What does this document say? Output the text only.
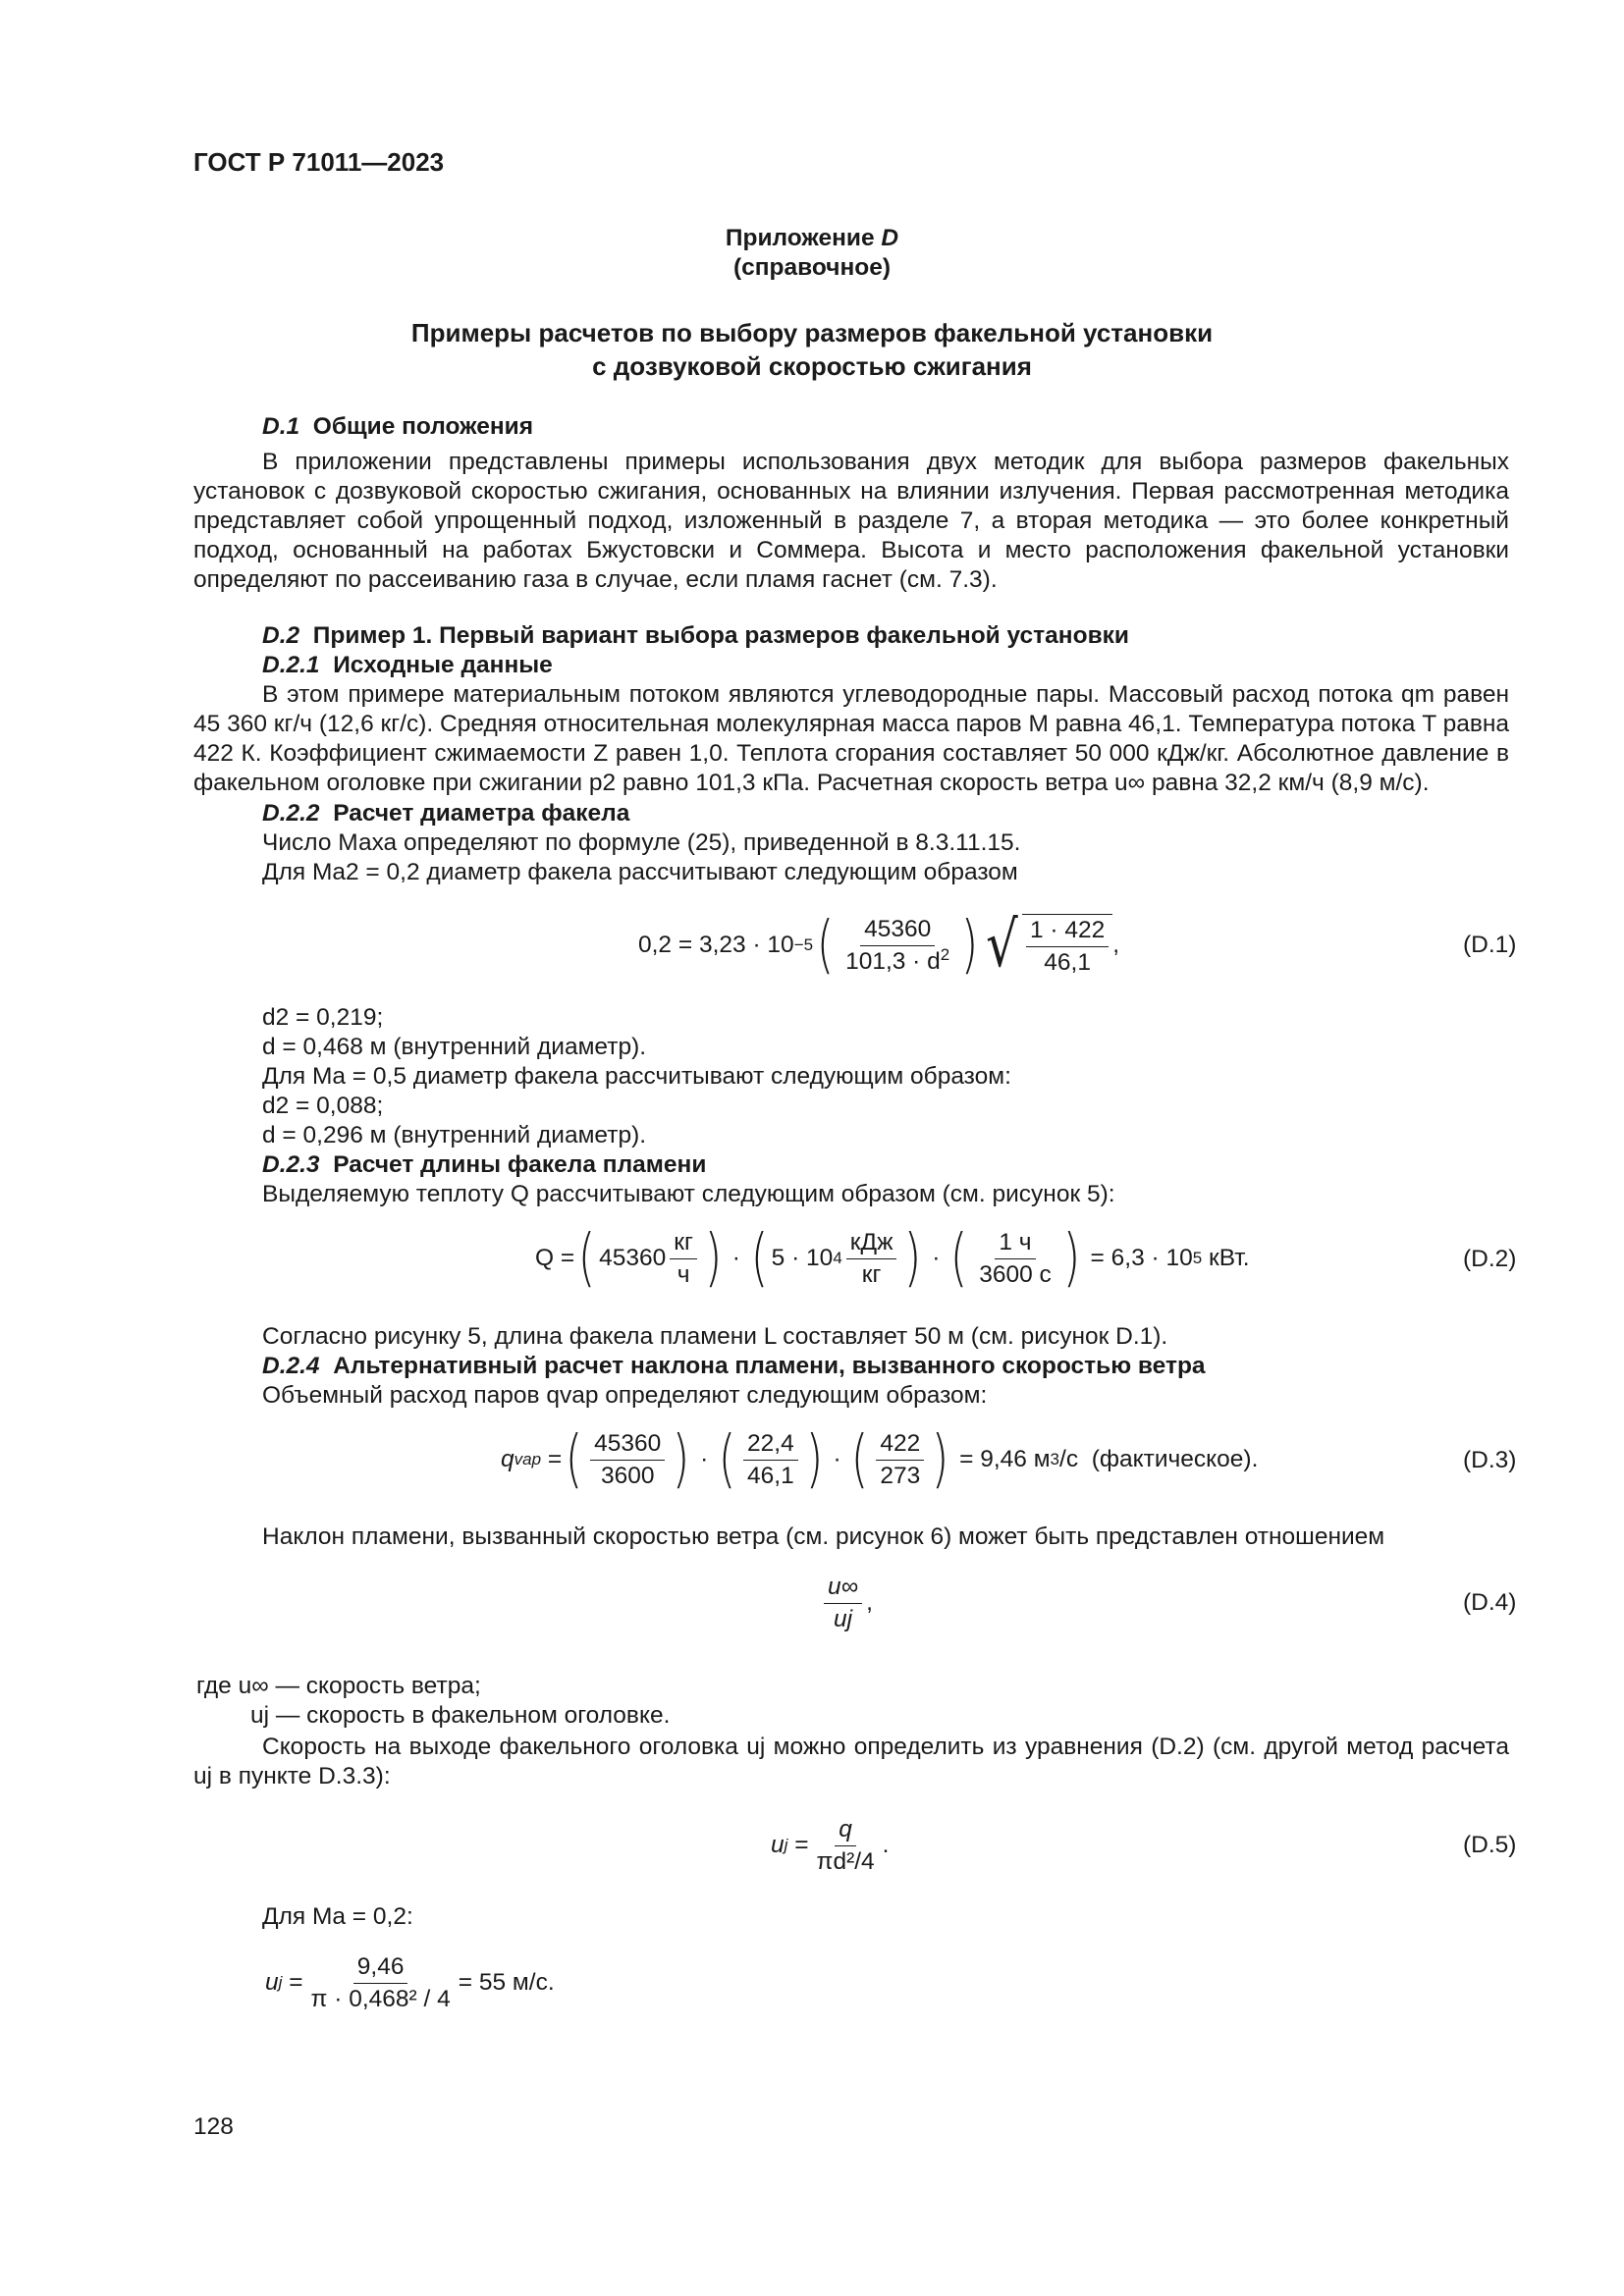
ГОСТ Р 71011—2023
Приложение D
(справочное)
Примеры расчетов по выбору размеров факельной установки
с дозвуковой скоростью сжигания
D.1 Общие положения
В приложении представлены примеры использования двух методик для выбора размеров факельных установок с дозвуковой скоростью сжигания, основанных на влиянии излучения. Первая рассмотренная методика представляет собой упрощенный подход, изложенный в разделе 7, а вторая методика — это более конкретный подход, основанный на работах Бжустовски и Соммера. Высота и место расположения факельной установки определяют по рассеиванию газа в случае, если пламя гаснет (см. 7.3).
D.2 Пример 1. Первый вариант выбора размеров факельной установки
D.2.1 Исходные данные
В этом примере материальным потоком являются углеводородные пары. Массовый расход потока qm равен 45 360 кг/ч (12,6 кг/с). Средняя относительная молекулярная масса паров M равна 46,1. Температура потока T равна 422 К. Коэффициент сжимаемости Z равен 1,0. Теплота сгорания составляет 50 000 кДж/кг. Абсолютное давление в факельном оголовке при сжигании p2 равно 101,3 кПа. Расчетная скорость ветра u∞ равна 32,2 км/ч (8,9 м/с).
D.2.2 Расчет диаметра факела
Число Маха определяют по формуле (25), приведенной в 8.3.11.15.
Для Ma2 = 0,2 диаметр факела рассчитывают следующим образом
0,2 = 3,23 · 10 −5 ( $\frac{45360}{101,3 \cdot d^2}$ ) √ $\frac{1 \cdot 422}{46,1}$ ,	(D.1)
d2 = 0,219;
d = 0,468 м (внутренний диаметр).
Для Ma = 0,5 диаметр факела рассчитывают следующим образом:
d2 = 0,088;
d = 0,296 м (внутренний диаметр).
D.2.3 Расчет длины факела пламени
Выделяемую теплоту Q рассчитывают следующим образом (см. рисунок 5):
Q = ( $45360 \frac{кг}{ч}$ ) · ( 5 · 10 $4 \frac{\text{кДж}}{кг}$ ) · ( $\frac{1 ч}{3600 с}$ )
= 6,3 · 10 5
кВт.	(D.2)
Согласно рисунку 5, длина факела пламени L составляет 50 м (см. рисунок D.1).
D.2.4 Альтернативный расчет наклона пламени, вызванного скоростью ветра
Объемный расход паров qvap определяют следующим образом:
q vap = ( $\frac{45360}{3600}$ ) · ( $\frac{22,4}{46,1}$ ) · ( $\frac{422}{273}$ )
= 9,46 м 3 /с
(фактическое).	(D.3)
Наклон пламени, вызванный скоростью ветра (см. рисунок 6) может быть представлен отношением
$\frac{u\infty}{uj}$ ,	(D.4)
где u∞ — скорость ветра;
uj — скорость в факельном оголовке.
Скорость на выходе факельного оголовка uj можно определить из уравнения (D.2) (см. другой метод расчета uj в пункте D.3.3):
u $j = \frac{q}{\text{πd²/4}}$ .	(D.5)
Для Ma = 0,2:
u $j = \frac{9,46}{\text{π · 0,468² / 4}} = 55$ м/с.
128
